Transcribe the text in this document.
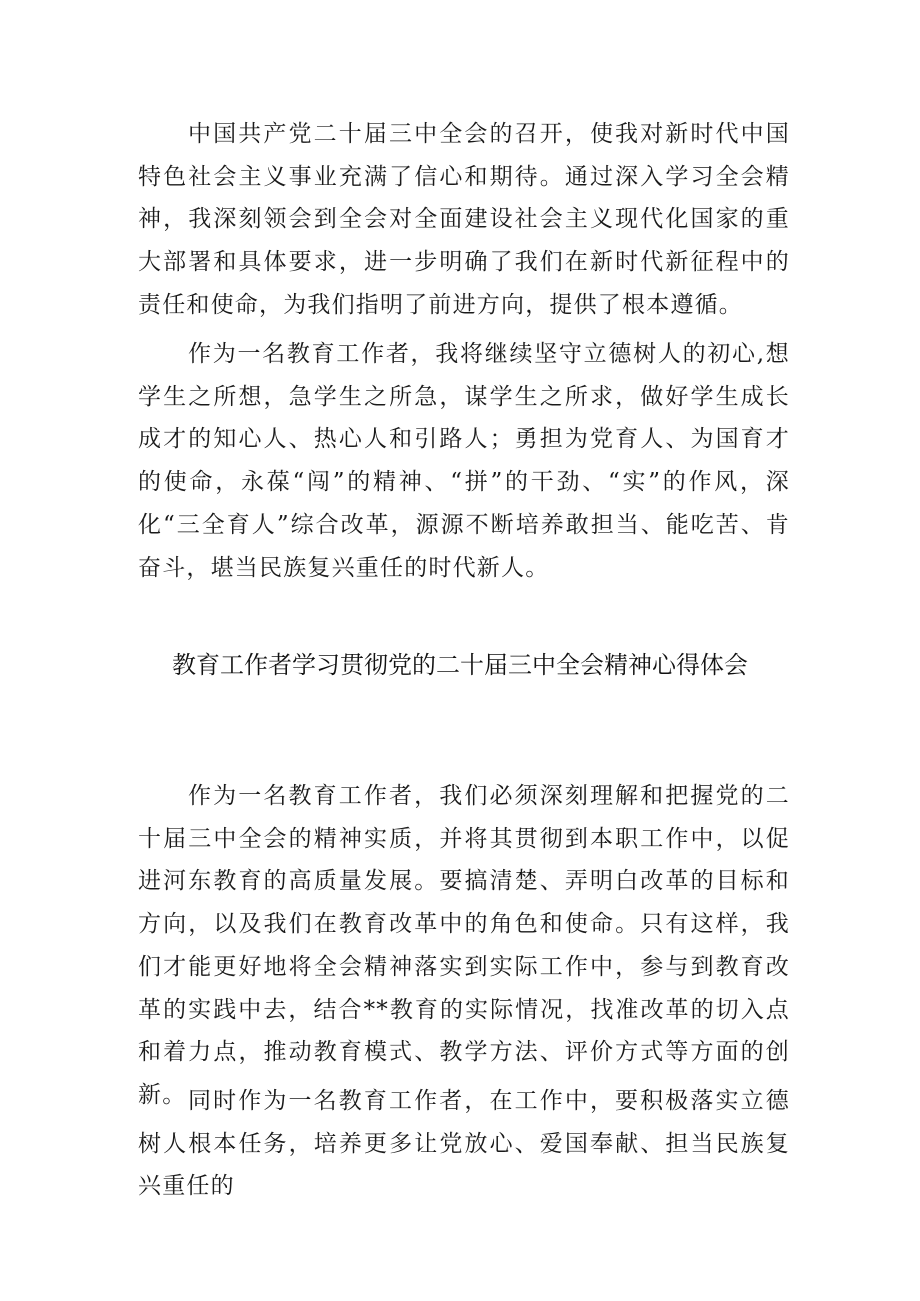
中国共产党二十届三中全会的召开，使我对新时代中国特色社会主义事业充满了信心和期待。通过深入学习全会精神，我深刻领会到全会对全面建设社会主义现代化国家的重大部署和具体要求，进一步明确了我们在新时代新征程中的责任和使命，为我们指明了前进方向，提供了根本遵循。

作为一名教育工作者，我将继续坚守立德树人的初心,想学生之所想，急学生之所急，谋学生之所求，做好学生成长成才的知心人、热心人和引路人；勇担为党育人、为国育才的使命，永葆“闯”的精神、“拼”的干劲、“实”的作风，深化“三全育人”综合改革，源源不断培养敢担当、能吃苦、肯奋斗，堪当民族复兴重任的时代新人。

教育工作者学习贯彻党的二十届三中全会精神心得体会

作为一名教育工作者，我们必须深刻理解和把握党的二十届三中全会的精神实质，并将其贯彻到本职工作中，以促进河东教育的高质量发展。要搞清楚、弄明白改革的目标和方向，以及我们在教育改革中的角色和使命。只有这样，我们才能更好地将全会精神落实到实际工作中，参与到教育改革的实践中去，结合**教育的实际情况，找准改革的切入点和着力点，推动教育模式、教学方法、评价方式等方面的创新。 同时作为一名教育工作者，在工作中，要积极落实立德树人根本任务，培养更多让党放心、爱国奉献、担当民族复兴重任的
